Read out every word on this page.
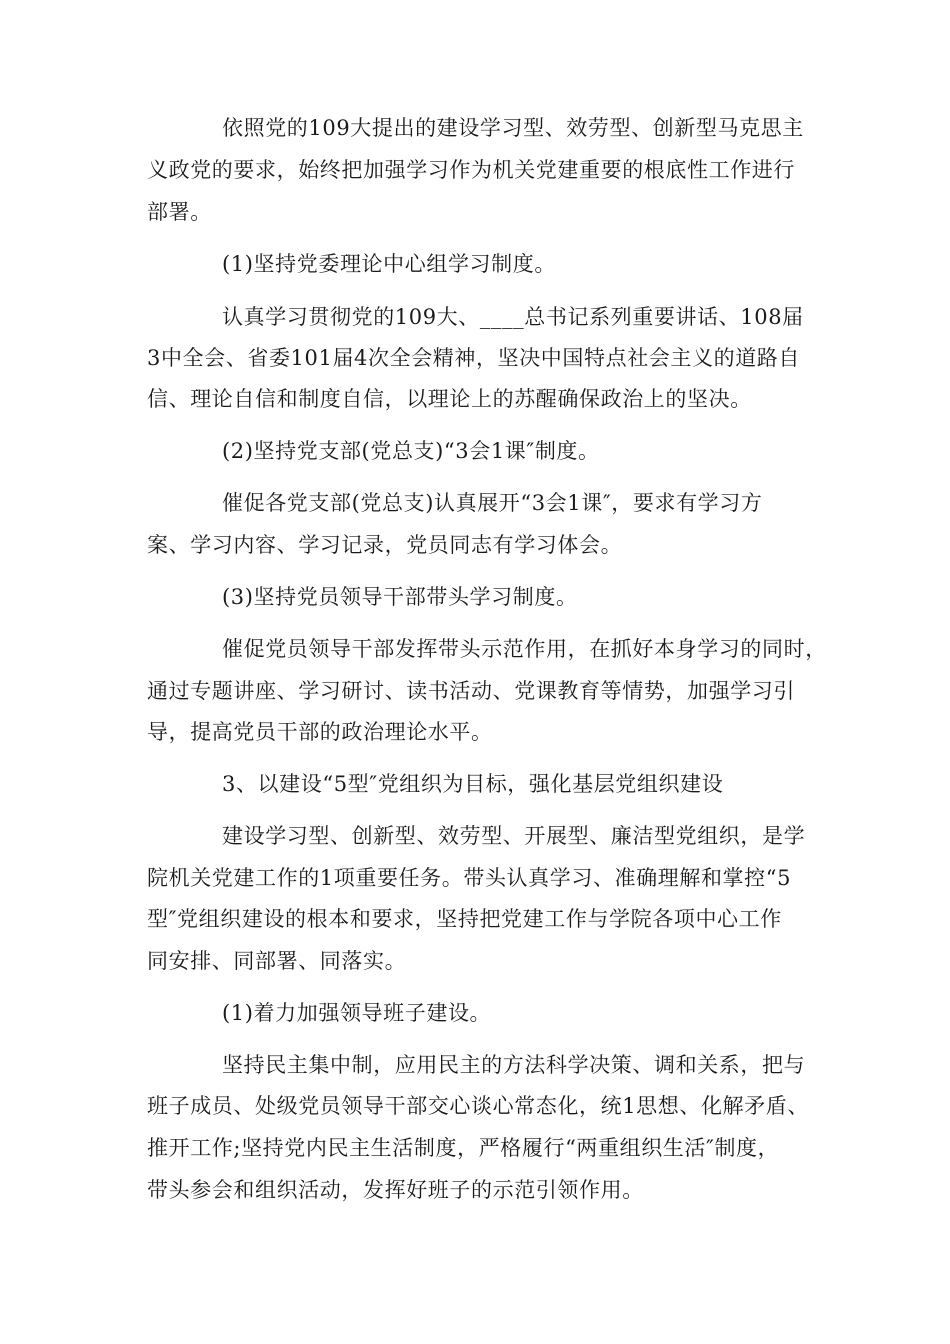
依照党的109大提出的建设学习型、效劳型、创新型马克思主
义政党的要求，始终把加强学习作为机关党建重要的根底性工作进行
部署。
(1)坚持党委理论中心组学习制度。
认真学习贯彻党的109大、____总书记系列重要讲话、108届
3中全会、省委101届4次全会精神，坚决中国特点社会主义的道路自
信、理论自信和制度自信，以理论上的苏醒确保政治上的坚决。
(2)坚持党支部(党总支)“3会1课″制度。
催促各党支部(党总支)认真展开“3会1课″，要求有学习方
案、学习内容、学习记录，党员同志有学习体会。
(3)坚持党员领导干部带头学习制度。
催促党员领导干部发挥带头示范作用，在抓好本身学习的同时，
通过专题讲座、学习研讨、读书活动、党课教育等情势，加强学习引
导，提高党员干部的政治理论水平。
3、以建设“5型″党组织为目标，强化基层党组织建设
建设学习型、创新型、效劳型、开展型、廉洁型党组织，是学
院机关党建工作的1项重要任务。带头认真学习、准确理解和掌控“5
型″党组织建设的根本和要求，坚持把党建工作与学院各项中心工作
同安排、同部署、同落实。
(1)着力加强领导班子建设。
坚持民主集中制，应用民主的方法科学决策、调和关系，把与
班子成员、处级党员领导干部交心谈心常态化，统1思想、化解矛盾、
推开工作;坚持党内民主生活制度，严格履行“两重组织生活″制度，
带头参会和组织活动，发挥好班子的示范引领作用。
